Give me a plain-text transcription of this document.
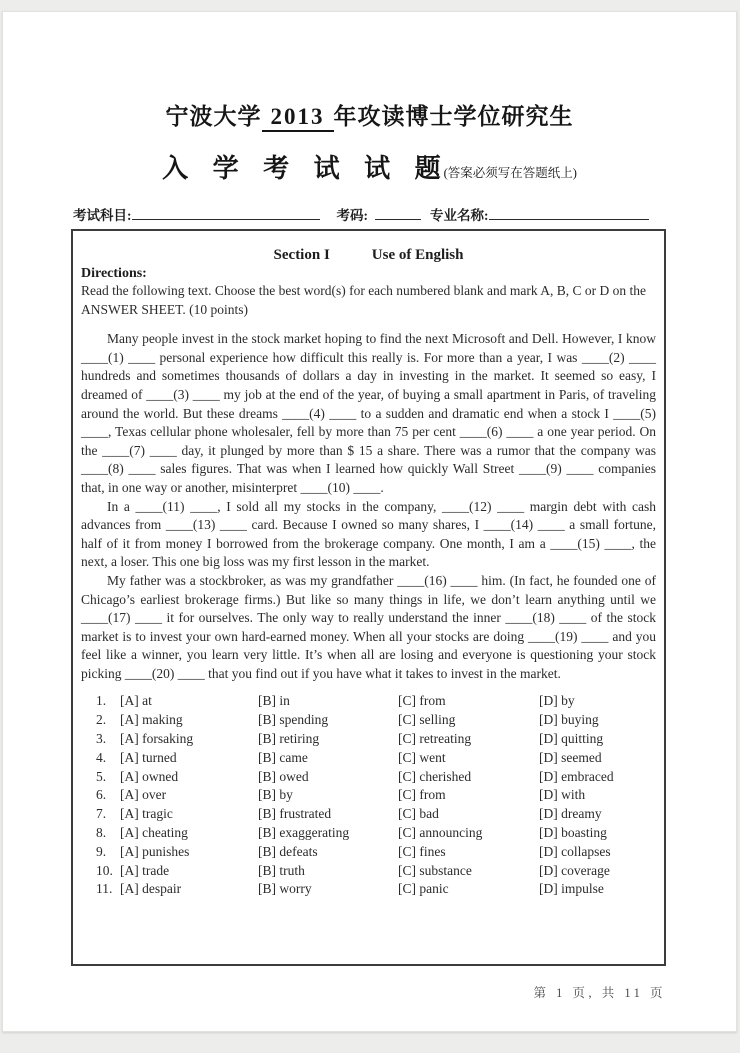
宁波大学 2013 年攻读博士学位研究生
入 学 考 试 试 题(答案必须写在答题纸上)
考试科目:	考码:	专业名称:
Section I	Use of English
Directions:
Read the following text. Choose the best word(s) for each numbered blank and mark A, B, C or D on the ANSWER SHEET. (10 points)

Many people invest in the stock market hoping to find the next Microsoft and Dell. However, I know ____(1) ____ personal experience how difficult this really is. For more than a year, I was ____(2) ____ hundreds and sometimes thousands of dollars a day in investing in the market. It seemed so easy, I dreamed of ____(3) ____ my job at the end of the year, of buying a small apartment in Paris, of traveling around the world. But these dreams ____(4) ____ to a sudden and dramatic end when a stock I ____(5) ____, Texas cellular phone wholesaler, fell by more than 75 per cent ____(6) ____ a one year period. On the ____(7) ____ day, it plunged by more than $ 15 a share. There was a rumor that the company was ____(8) ____ sales figures. That was when I learned how quickly Wall Street ____(9) ____ companies that, in one way or another, misinterpret ____(10) ____.

In a ____(11) ____, I sold all my stocks in the company, ____(12) ____ margin debt with cash advances from ____(13) ____ card. Because I owned so many shares, I ____(14) ____ a small fortune, half of it from money I borrowed from the brokerage company. One month, I am a ____(15) ____, the next, a loser. This one big loss was my first lesson in the market.

My father was a stockbroker, as was my grandfather ____(16) ____ him. (In fact, he founded one of Chicago’s earliest brokerage firms.) But like so many things in life, we don’t learn anything until we ____(17) ____ it for ourselves. The only way to really understand the inner ____(18) ____ of the stock market is to invest your own hard-earned money. When all your stocks are doing ____(19) ____ and you feel like a winner, you learn very little. It’s when all are losing and everyone is questioning your stock picking ____(20) ____ that you find out if you have what it takes to invest in the market.

1.	[A] at	[B] in	[C] from	[D] by
2.	[A] making	[B] spending	[C] selling	[D] buying
3.	[A] forsaking	[B] retiring	[C] retreating	[D] quitting
4.	[A] turned	[B] came	[C] went	[D] seemed
5.	[A] owned	[B] owed	[C] cherished	[D] embraced
6.	[A] over	[B] by	[C] from	[D] with
7.	[A] tragic	[B] frustrated	[C] bad	[D] dreamy
8.	[A] cheating	[B] exaggerating	[C] announcing	[D] boasting
9.	[A] punishes	[B] defeats	[C] fines	[D] collapses
10. [A] trade	[B] truth	[C] substance	[D] coverage
11. [A] despair	[B] worry	[C] panic	[D] impulse
第 1 页, 共 11 页
